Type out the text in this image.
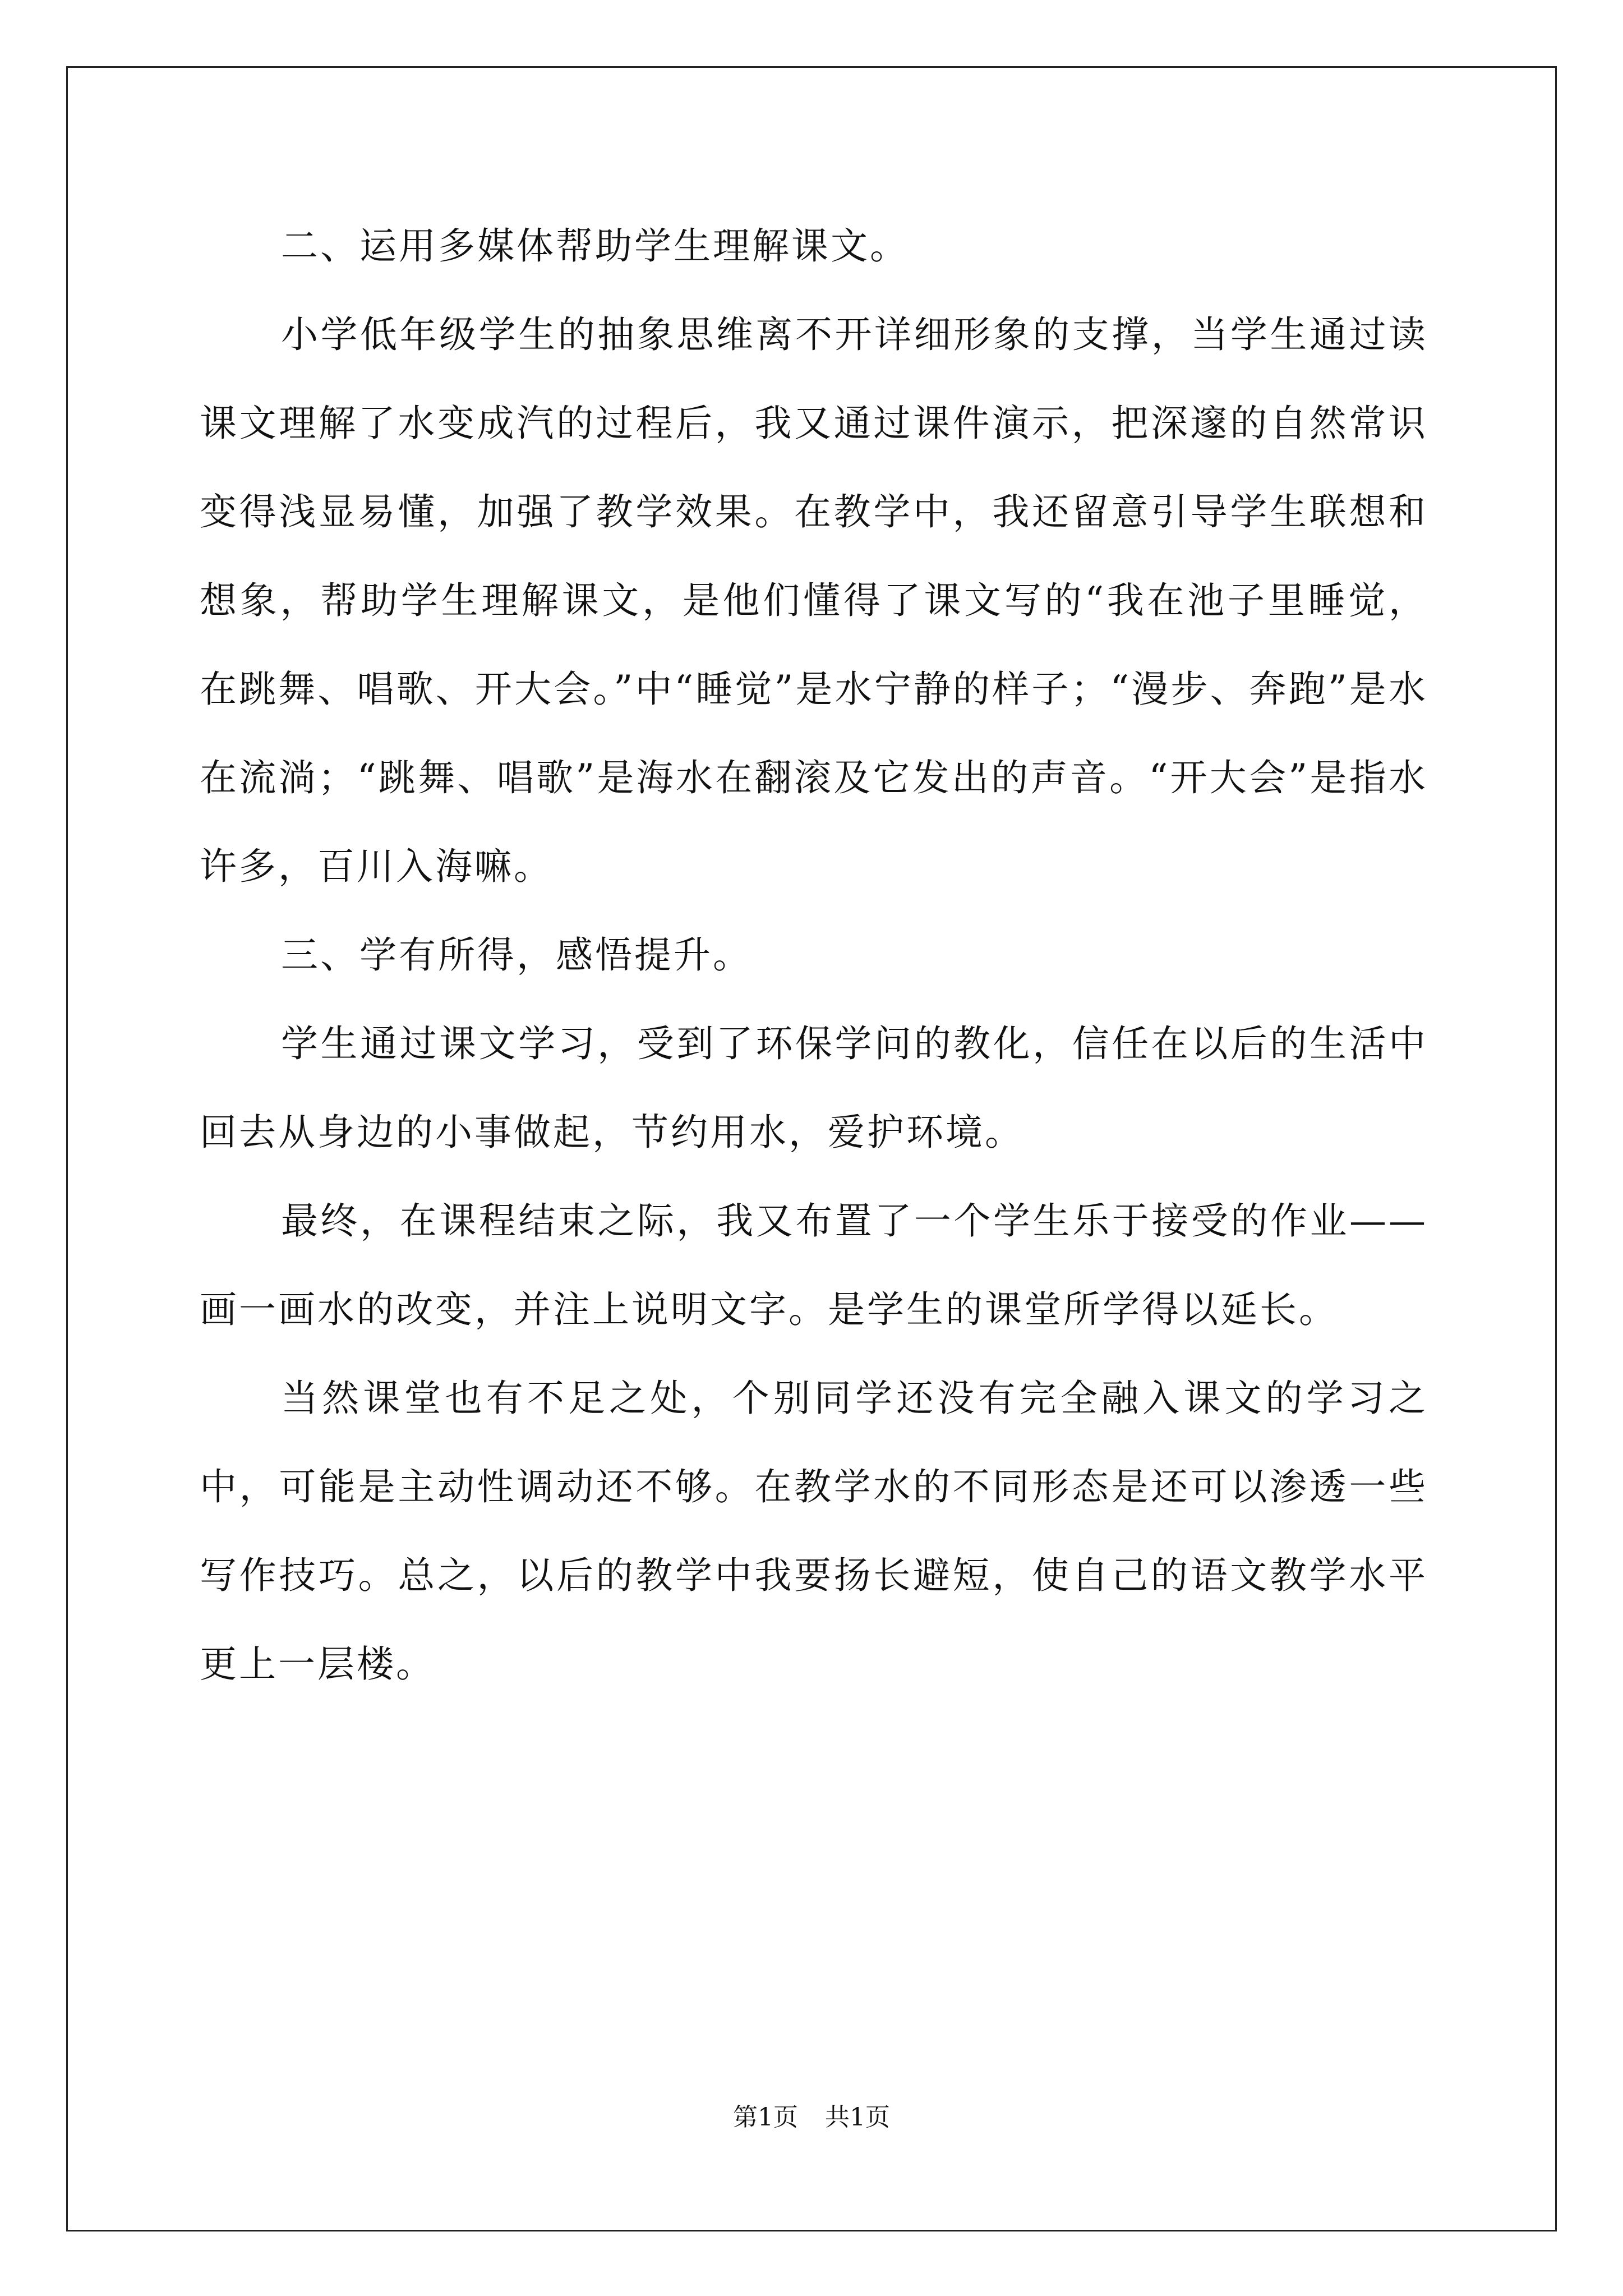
二、运用多媒体帮助学生理解课文。

小学低年级学生的抽象思维离不开详细形象的支撑，当学生通过读课文理解了水变成汽的过程后，我又通过课件演示，把深邃的自然常识变得浅显易懂，加强了教学效果。在教学中，我还留意引导学生联想和想象，帮助学生理解课文，是他们懂得了课文写的“我在池子里睡觉，在跳舞、唱歌、开大会。”中“睡觉”是水宁静的样子；“漫步、奔跑”是水在流淌；“跳舞、唱歌”是海水在翻滚及它发出的声音。“开大会”是指水许多，百川入海嘛。

三、学有所得，感悟提升。

学生通过课文学习，受到了环保学问的教化，信任在以后的生活中回去从身边的小事做起，节约用水，爱护环境。

最终，在课程结束之际，我又布置了一个学生乐于接受的作业——画一画水的改变，并注上说明文字。是学生的课堂所学得以延长。

当然课堂也有不足之处，个别同学还没有完全融入课文的学习之中，可能是主动性调动还不够。在教学水的不同形态是还可以渗透一些写作技巧。总之，以后的教学中我要扬长避短，使自己的语文教学水平更上一层楼。

第1页 共1页
